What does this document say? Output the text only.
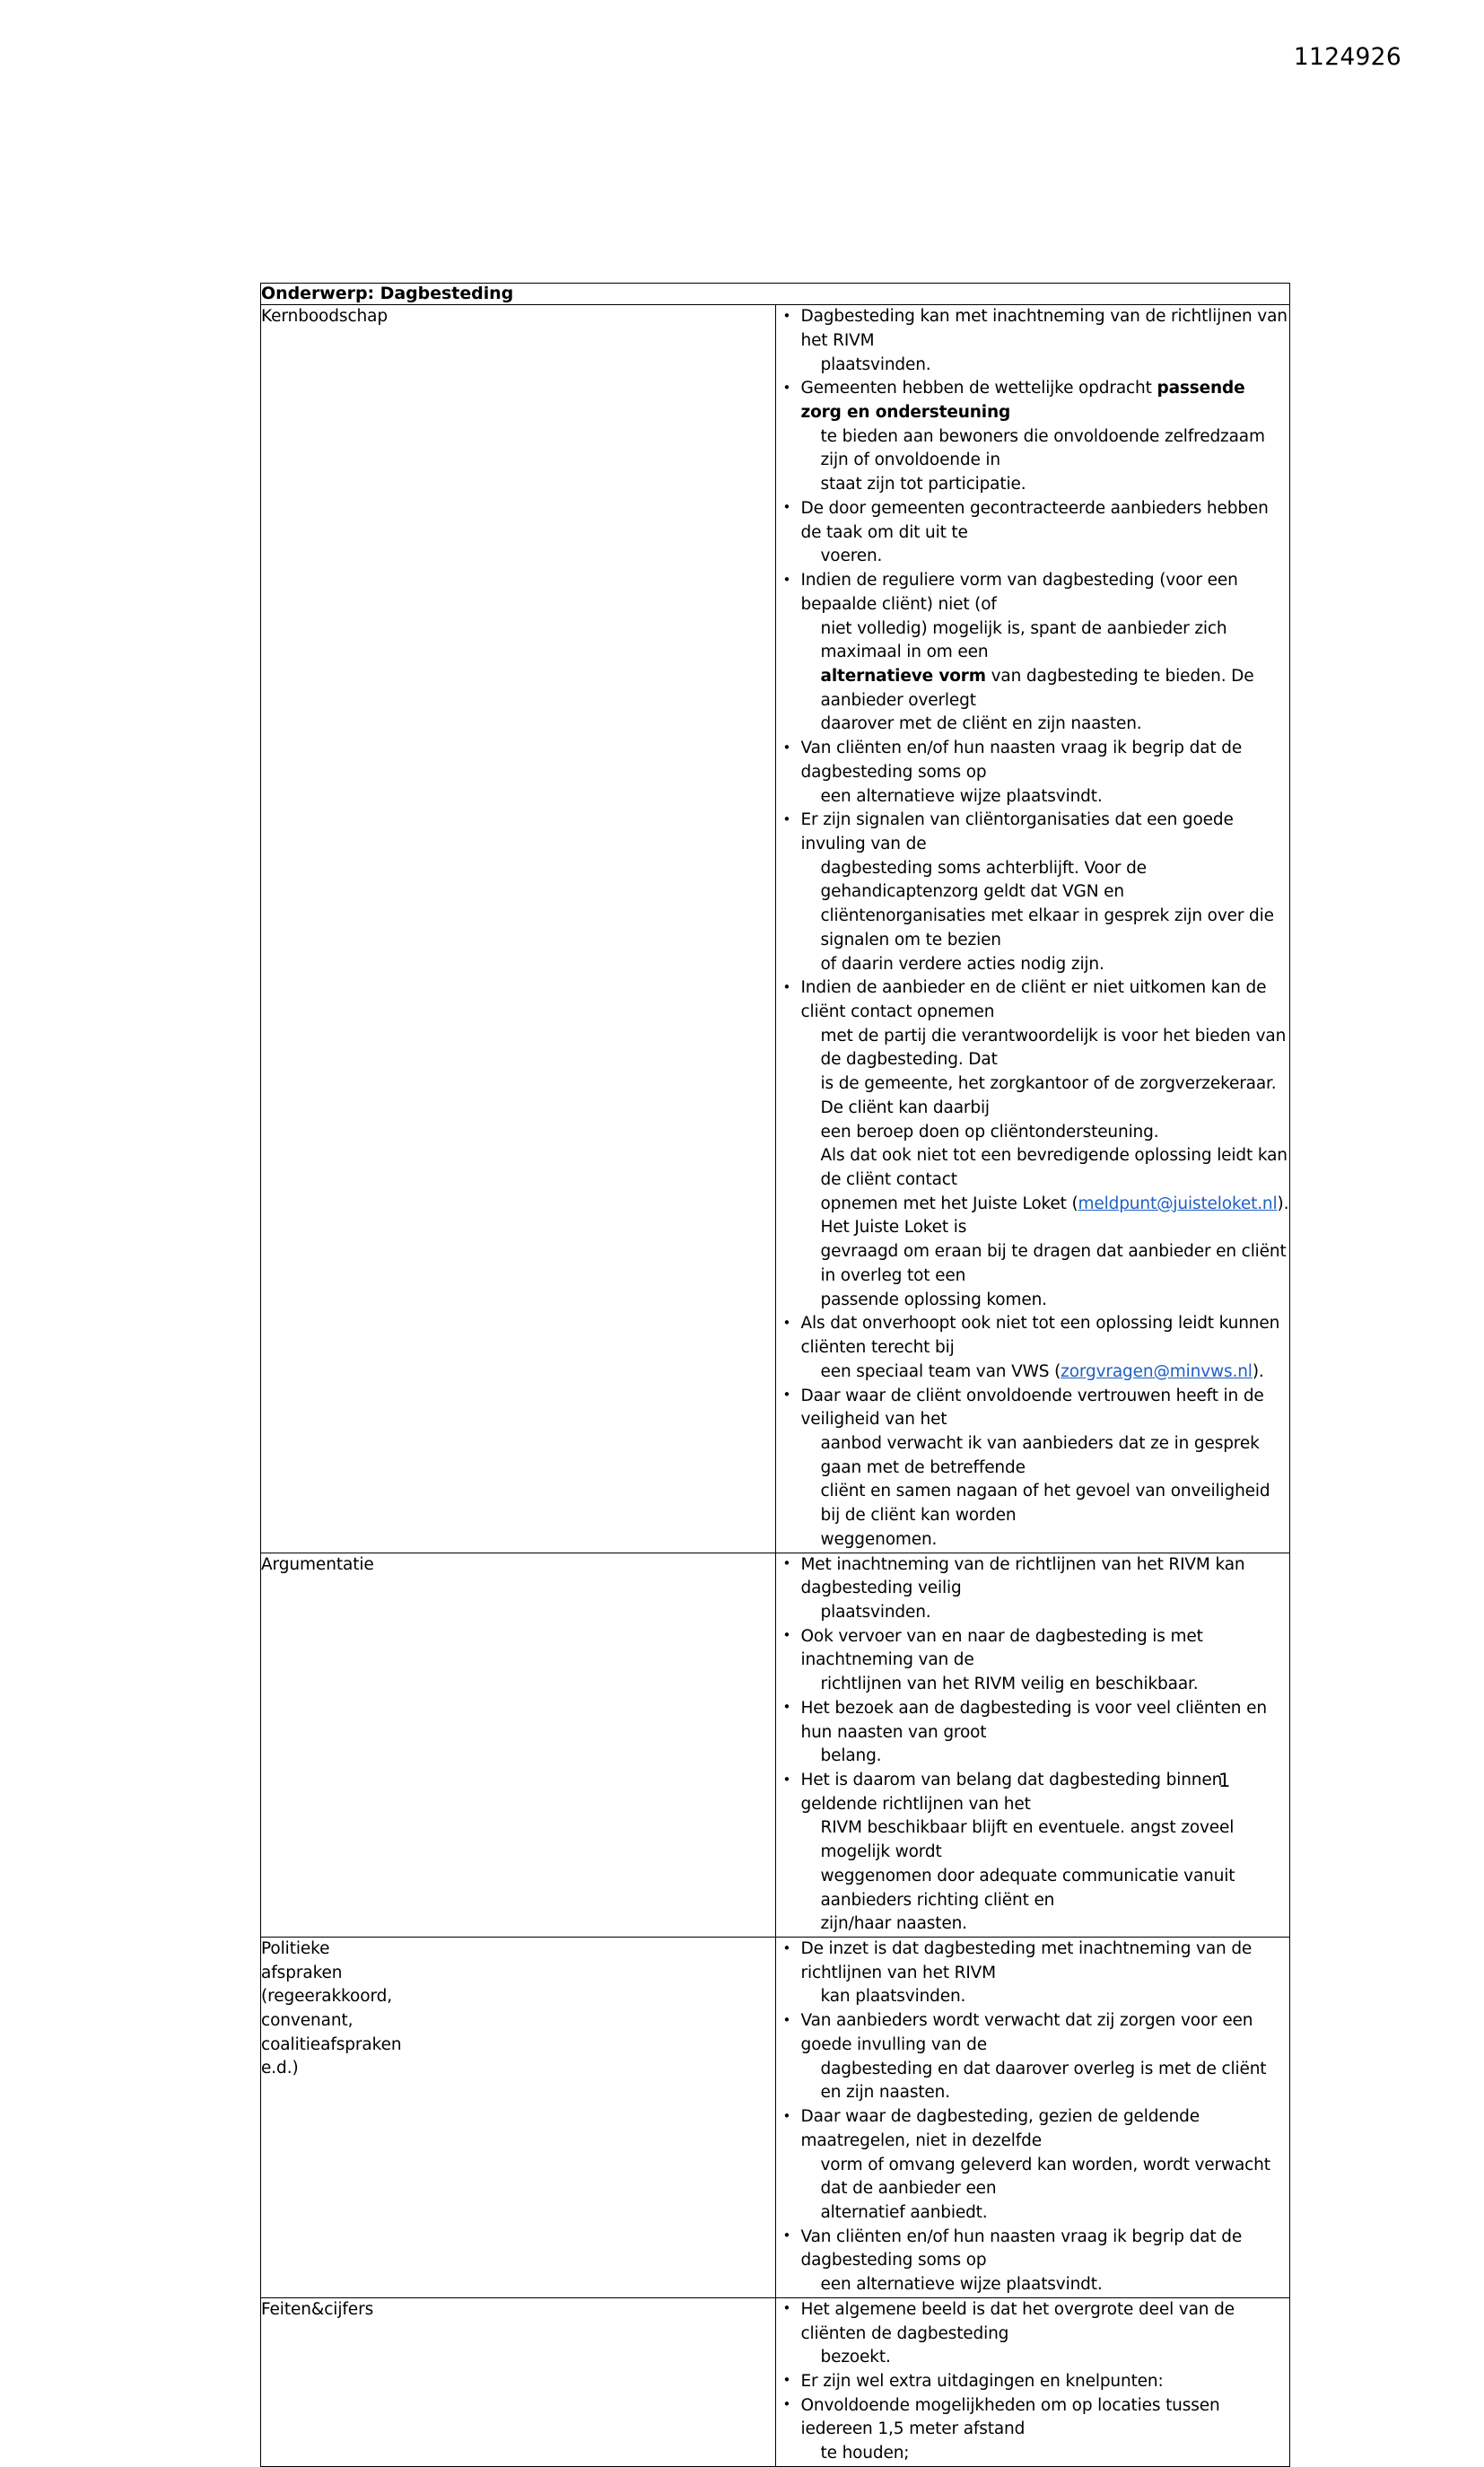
1124926
Onderwerp: Dagbesteding	

Kernboodschap

•Dagbesteding kan met inachtneming van de richtlijnen van het RIVM
plaatsvinden.
• Gemeenten hebben de wettelijke opdracht passende zorg en ondersteuning
te bieden aan bewoners die onvoldoende zelfredzaam zijn of onvoldoende in
staat zijn tot participatie.
• De door gemeenten gecontracteerde aanbieders hebben de taak om dit uit te
voeren.
• Indien de reguliere vorm van dagbesteding (voor een bepaalde cliënt) niet (of
niet volledig) mogelijk is, spant de aanbieder zich maximaal in om een
alternatieve vorm van dagbesteding te bieden. De aanbieder overlegt
daarover met de cliënt en zijn naasten.
• Van cliënten en/of hun naasten vraag ik begrip dat de dagbesteding soms op
een alternatieve wijze plaatsvindt.
• Er zijn signalen van cliëntorganisaties dat een goede invuling van de
dagbesteding soms achterblijft. Voor de gehandicaptenzorg geldt dat VGN en
cliëntenorganisaties met elkaar in gesprek zijn over die signalen om te bezien
of daarin verdere acties nodig zijn.
• Indien de aanbieder en de cliënt er niet uitkomen kan de cliënt contact opnemen
met de partij die verantwoordelijk is voor het bieden van de dagbesteding. Dat
is de gemeente, het zorgkantoor of de zorgverzekeraar. De cliënt kan daarbij
een beroep doen op cliëntondersteuning.
Als dat ook niet tot een bevredigende oplossing leidt kan de cliënt contact
opnemen met het Juiste Loket (meldpunt@juisteloket.nl). Het Juiste Loket is
gevraagd om eraan bij te dragen dat aanbieder en cliënt in overleg tot een
passende oplossing komen.
• Als dat onverhoopt ook niet tot een oplossing leidt kunnen cliënten terecht bij
een speciaal team van VWS (zorgvragen@minvws.nl).
• Daar waar de cliënt onvoldoende vertrouwen heeft in de veiligheid van het
aanbod verwacht ik van aanbieders dat ze in gesprek gaan met de betreffende
cliënt en samen nagaan of het gevoel van onveiligheid bij de cliënt kan worden
weggenomen.

Argumentatie

•Met inachtneming van de richtlijnen van het RIVM kan dagbesteding veilig
plaatsvinden.
• Ook vervoer van en naar de dagbesteding is met inachtneming van de
richtlijnen van het RIVM veilig en beschikbaar.
• Het bezoek aan de dagbesteding is voor veel cliënten en hun naasten van groot
belang.
• Het is daarom van belang dat dagbesteding binnen geldende richtlijnen van het
RIVM beschikbaar blijft en eventuele. angst zoveel mogelijk wordt
weggenomen door adequate communicatie vanuit aanbieders richting cliënt en
zijn/haar naasten.

Politieke
afspraken
(regeerakkoord,
convenant,
coalitieafspraken
e.d.)

• De inzet is dat dagbesteding met inachtneming van de richtlijnen van het RIVM
kan plaatsvinden.
• Van aanbieders wordt verwacht dat zij zorgen voor een goede invulling van de
dagbesteding en dat daarover overleg is met de cliënt en zijn naasten.
• Daar waar de dagbesteding, gezien de geldende maatregelen, niet in dezelfde
vorm of omvang geleverd kan worden, wordt verwacht dat de aanbieder een
alternatief aanbiedt.
• Van cliënten en/of hun naasten vraag ik begrip dat de dagbesteding soms op
een alternatieve wijze plaatsvindt.

Feiten&cijfers

•Het algemene beeld is dat het overgrote deel van de cliënten de dagbesteding
bezoekt.
• Er zijn wel extra uitdagingen en knelpunten:
• Onvoldoende mogelijkheden om op locaties tussen iedereen 1,5 meter afstand
te houden;
1
